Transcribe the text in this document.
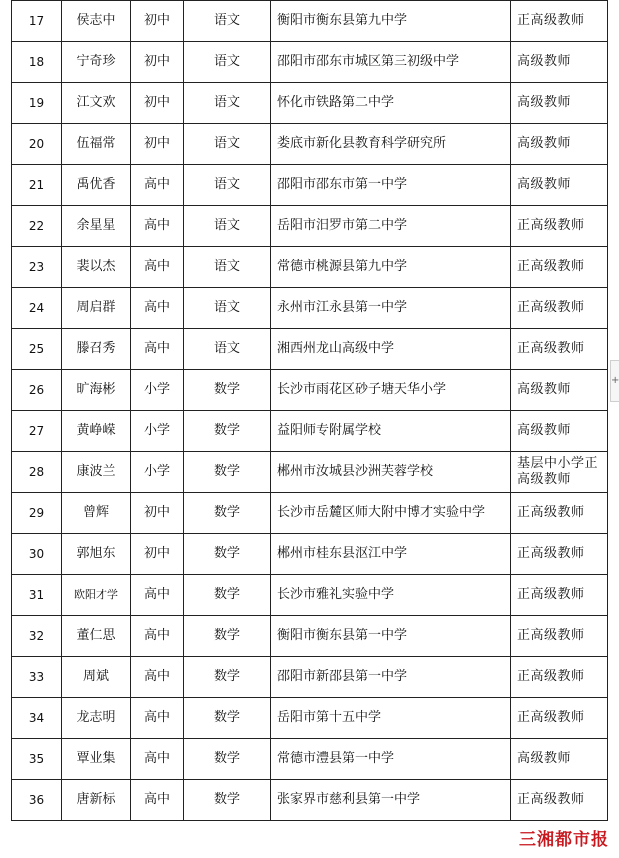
17	侯志中	初中	语文	衡阳市衡东县第九中学	正高级教师
18	宁奇珍	初中	语文	邵阳市邵东市城区第三初级中学	高级教师
19	江文欢	初中	语文	怀化市铁路第二中学	高级教师
20	伍福常	初中	语文	娄底市新化县教育科学研究所	高级教师
21	禹优香	高中	语文	邵阳市邵东市第一中学	高级教师
22	余星星	高中	语文	岳阳市汨罗市第二中学	正高级教师
23	裴以杰	高中	语文	常德市桃源县第九中学	正高级教师
24	周启群	高中	语文	永州市江永县第一中学	正高级教师
25	滕召秀	高中	语文	湘西州龙山高级中学	正高级教师
26	旷海彬	小学	数学	长沙市雨花区砂子塘天华小学	高级教师
27	黄峥嵘	小学	数学	益阳师专附属学校	高级教师
28	康波兰	小学	数学	郴州市汝城县沙洲芙蓉学校	基层中小学正高级教师
29	曾辉	初中	数学	长沙市岳麓区师大附中博才实验中学	正高级教师
30	郭旭东	初中	数学	郴州市桂东县沤江中学	正高级教师
31	欧阳才学	高中	数学	长沙市雅礼实验中学	正高级教师
32	董仁思	高中	数学	衡阳市衡东县第一中学	正高级教师
33	周斌	高中	数学	邵阳市新邵县第一中学	正高级教师
34	龙志明	高中	数学	岳阳市第十五中学	正高级教师
35	覃业集	高中	数学	常德市澧县第一中学	高级教师
36	唐新标	高中	数学	张家界市慈利县第一中学	正高级教师
+
三湘都市报
